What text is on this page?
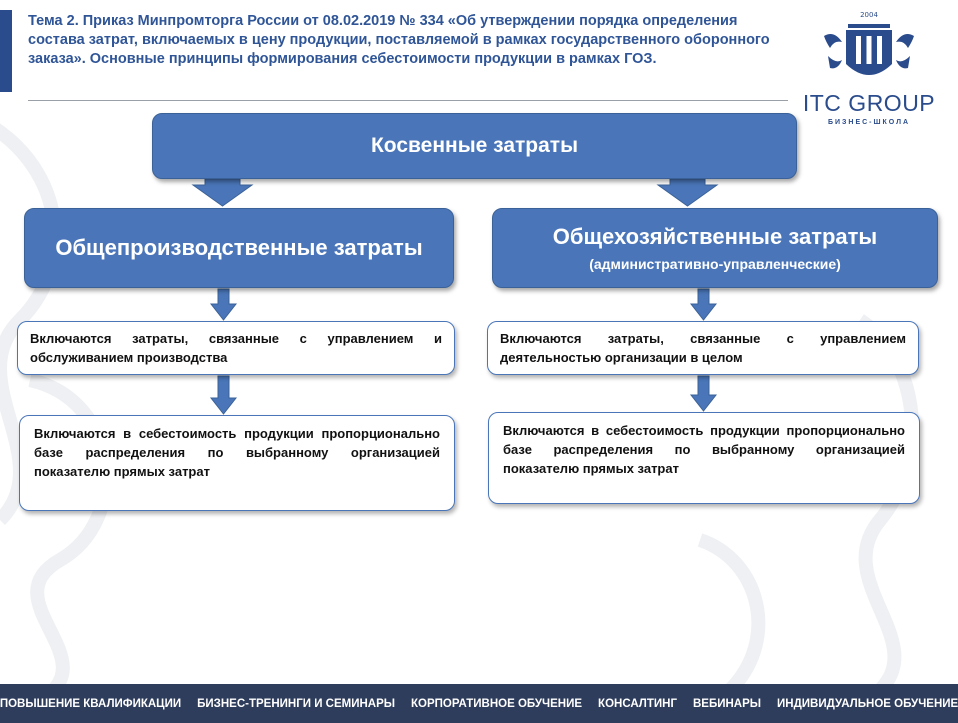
Тема 2. Приказ Минпромторга России от 08.02.2019 № 334 «Об утверждении порядка определения состава затрат, включаемых в цену продукции, поставляемой в рамках государственного оборонного заказа». Основные принципы формирования себестоимости продукции в рамках ГОЗ.
2004
ITC GROUP
БИЗНЕС-ШКОЛА
Косвенные затраты
Общепроизводственные затраты	Общехозяйственные затраты
(административно-управленческие)
Включаются затраты, связанные с управлением и обслуживанием производства
Включаются затраты, связанные с управлением деятельностью организации в целом
Включаются в себестоимость продукции пропорционально базе распределения по выбранному организацией показателю прямых затрат
Включаются в себестоимость продукции пропорционально базе распределения по выбранному организацией показателю прямых затрат
ПОВЫШЕНИЕ КВАЛИФИКАЦИИ	БИЗНЕС-ТРЕНИНГИ И СЕМИНАРЫ	КОРПОРАТИВНОЕ ОБУЧЕНИЕ	КОНСАЛТИНГ	ВЕБИНАРЫ	ИНДИВИДУАЛЬНОЕ ОБУЧЕНИЕ
